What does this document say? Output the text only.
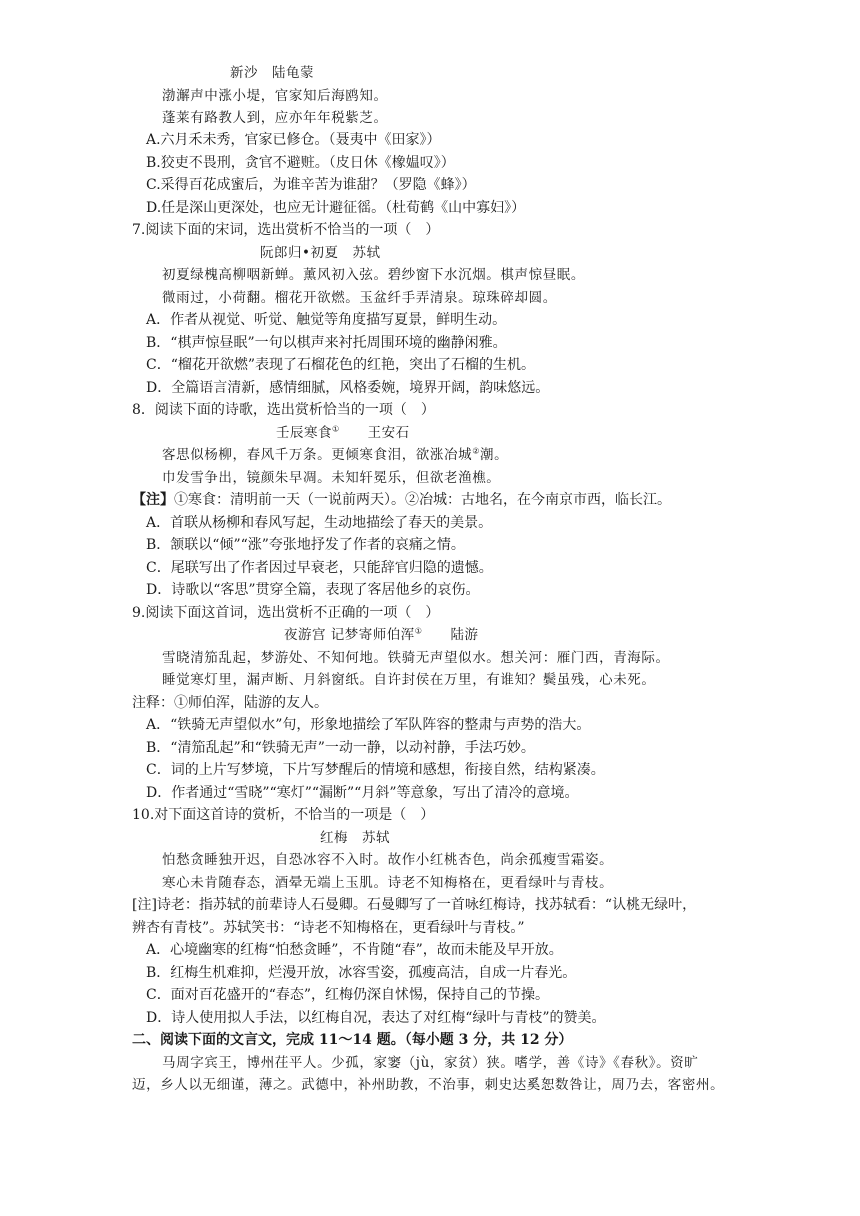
新沙　陆龟蒙
渤澥声中涨小堤，官家知后海鸥知。
蓬莱有路教人到，应亦年年税紫芝。
A.六月禾未秀，官家已修仓。（聂夷中《田家》）
B.狡吏不畏刑，贪官不避赃。（皮日休《橡媪叹》）
C.采得百花成蜜后，为谁辛苦为谁甜？（罗隐《蜂》）
D.任是深山更深处，也应无计避征徭。（杜荀鹤《山中寡妇》）
7.阅读下面的宋词，选出赏析不恰当的一项（　）
阮郎归•初夏　苏轼
初夏绿槐高柳咽新蝉。薰风初入弦。碧纱窗下水沉烟。棋声惊昼眠。
微雨过，小荷翻。榴花开欲燃。玉盆纤手弄清泉。琼珠碎却圆。
A．作者从视觉、听觉、触觉等角度描写夏景，鲜明生动。
B．“棋声惊昼眠”一句以棋声来衬托周围环境的幽静闲雅。
C．“榴花开欲燃”表现了石榴花色的红艳，突出了石榴的生机。
D．全篇语言清新，感情细腻，风格委婉，境界开阔，韵味悠远。
8．阅读下面的诗歌，选出赏析恰当的一项（　）
壬辰寒食①　　王安石
客思似杨柳，春风千万条。更倾寒食泪，欲涨冶城②潮。
巾发雪争出，镜颜朱早凋。未知轩冕乐，但欲老渔樵。
【注】①寒食：清明前一天（一说前两天）。②冶城：古地名，在今南京市西，临长江。
A．首联从杨柳和春风写起，生动地描绘了春天的美景。
B．颔联以“倾”“涨”夸张地抒发了作者的哀痛之情。
C．尾联写出了作者因过早衰老，只能辞官归隐的遗憾。
D．诗歌以“客思”贯穿全篇，表现了客居他乡的哀伤。
9.阅读下面这首词，选出赏析不正确的一项（　）
夜游宫 记梦寄师伯浑①　　陆游
雪晓清笳乱起，梦游处、不知何地。铁骑无声望似水。想关河：雁门西，青海际。
睡觉寒灯里，漏声断、月斜窗纸。自许封侯在万里，有谁知？鬓虽残，心未死。
注释：①师伯浑，陆游的友人。
A．“铁骑无声望似水”句，形象地描绘了军队阵容的整肃与声势的浩大。
B．“清笳乱起”和“铁骑无声”一动一静，以动衬静，手法巧妙。
C．词的上片写梦境，下片写梦醒后的情境和感想，衔接自然，结构紧凑。
D．作者通过“雪晓”“寒灯”“漏断”“月斜”等意象，写出了清冷的意境。
10.对下面这首诗的赏析，不恰当的一项是（　）
红梅　苏轼
怕愁贪睡独开迟，自恐冰容不入时。故作小红桃杏色，尚余孤瘦雪霜姿。
寒心未肯随春态，酒晕无端上玉肌。诗老不知梅格在，更看绿叶与青枝。
[注]诗老：指苏轼的前辈诗人石曼卿。石曼卿写了一首咏红梅诗，找苏轼看：“认桃无绿叶，
辨杏有青枝”。苏轼笑书：“诗老不知梅格在，更看绿叶与青枝。”
A．心境幽寒的红梅“怕愁贪睡”，不肯随“春”，故而未能及早开放。
B．红梅生机难抑，烂漫开放，冰容雪姿，孤瘦高洁，自成一片春光。
C．面对百花盛开的“春态”，红梅仍深自怵惕，保持自己的节操。
D．诗人使用拟人手法，以红梅自况，表达了对红梅“绿叶与青枝”的赞美。
二、阅读下面的文言文，完成 11～14 题。（每小题 3 分，共 12 分）
马周字宾王，博州茌平人。少孤，家窭（jù，家贫）狭。嗜学，善《诗》《春秋》。资旷
迈，乡人以无细谨，薄之。武德中，补州助教，不治事，刺史达奚恕数咎让，周乃去，客密州。
